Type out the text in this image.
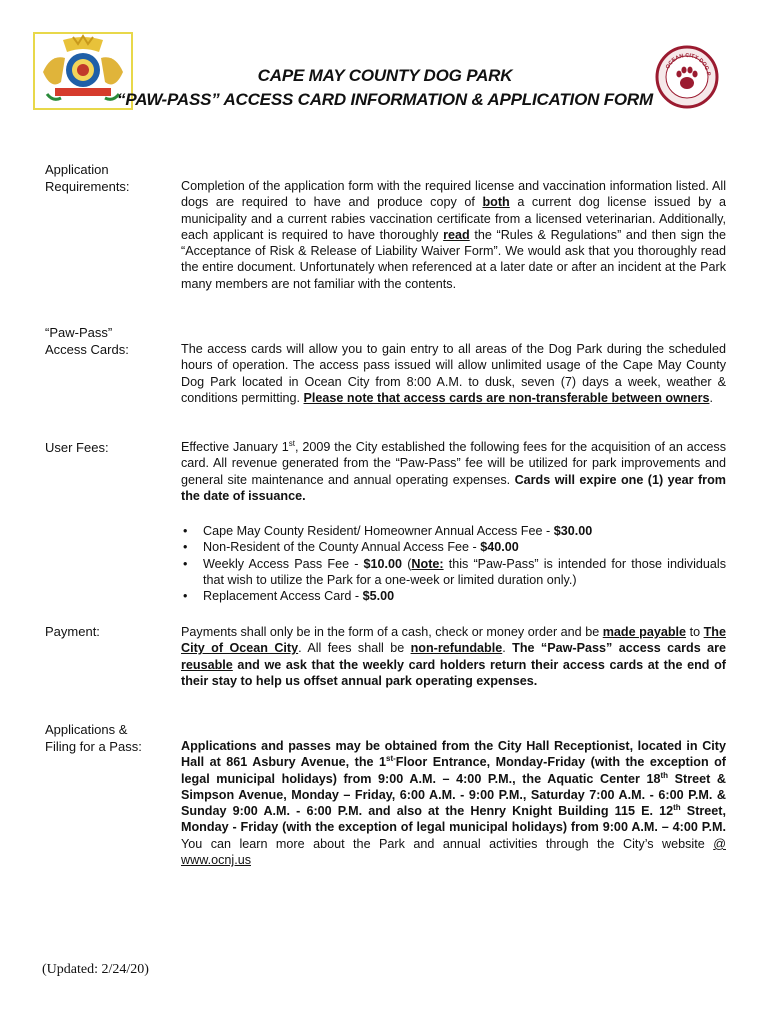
OCEAN CITY DOG P
CAPE MAY COUNTY DOG PARK
“PAW-PASS” ACCESS CARD INFORMATION & APPLICATION FORM
Application
Requirements:	Completion of the application form with the required license and vaccination information listed. All dogs are required to have and produce copy of both a current dog license issued by a municipality and a current rabies vaccination certificate from a licensed veterinarian. Additionally, each applicant is required to have thoroughly read the “Rules & Regulations” and then sign the “Acceptance of Risk & Release of Liability Waiver Form”. We would ask that you thoroughly read the entire document. Unfortunately when referenced at a later date or after an incident at the Park many members are not familiar with the contents.
“Paw-Pass”
Access Cards:	The access cards will allow you to gain entry to all areas of the Dog Park during the scheduled hours of operation. The access pass issued will allow unlimited usage of the Cape May County Dog Park located in Ocean City from 8:00 A.M. to dusk, seven (7) days a week, weather & conditions permitting. Please note that access cards are non-transferable between owners.
User Fees:	Effective January 1st, 2009 the City established the following fees for the acquisition of an access card. All revenue generated from the “Paw-Pass” fee will be utilized for park improvements and general site maintenance and annual operating expenses. Cards will expire one (1) year from the date of issuance.
• Cape May County Resident/ Homeowner Annual Access Fee - $30.00
• Non-Resident of the County Annual Access Fee - $40.00
• Weekly Access Pass Fee - $10.00 (Note: this “Paw-Pass” is intended for those individuals that wish to utilize the Park for a one-week or limited duration only.)
• Replacement Access Card - $5.00
Payment:	Payments shall only be in the form of a cash, check or money order and be made payable to The City of Ocean City. All fees shall be non-refundable. The “Paw-Pass” access cards are reusable and we ask that the weekly card holders return their access cards at the end of their stay to help us offset annual park operating expenses.
Applications &
Filing for a Pass:	Applications and passes may be obtained from the City Hall Receptionist, located in City Hall at 861 Asbury Avenue, the $1^{st-}Floor$ Entrance, Monday-Friday (with the exception of legal municipal holidays) from 9:00 A.M. – 4:00 P.M., the Aquatic Center 18th Street & Simpson Avenue, Monday – Friday, 6:00 A.M. - 9:00 P.M., Saturday 7:00 A.M. - 6:00 P.M. & Sunday 9:00 A.M. - 6:00 P.M. and also at the Henry Knight Building 115 E. 12th Street, Monday - Friday (with the exception of legal municipal holidays) from 9:00 A.M. – 4:00 P.M. You can learn more about the Park and annual activities through the City’s website @ www.ocnj.us
(Updated: 2/24/20)
